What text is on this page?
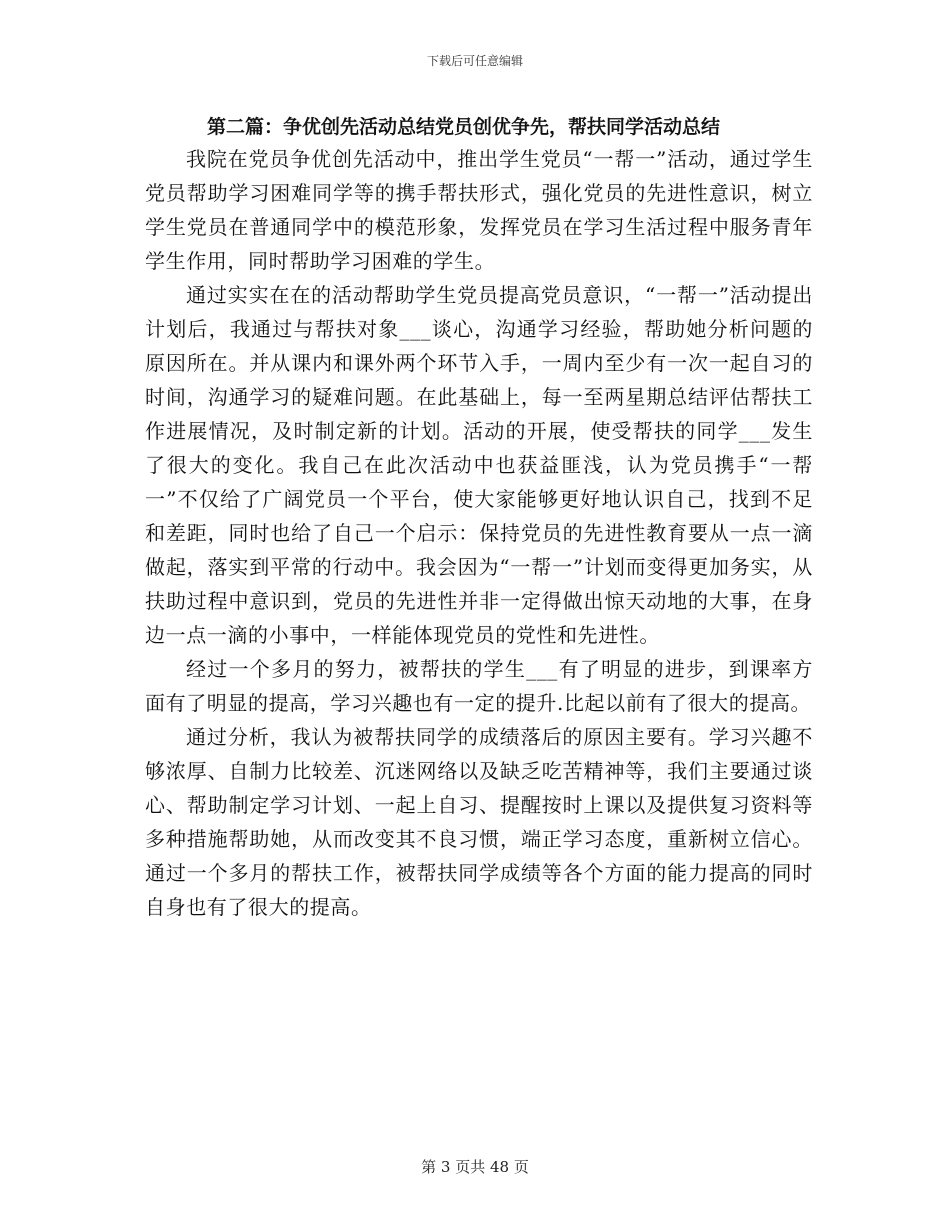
下载后可任意编辑
第二篇：争优创先活动总结党员创优争先，帮扶同学活动总结

我院在党员争优创先活动中，推出学生党员“一帮一”活动，通过学生党员帮助学习困难同学等的携手帮扶形式，强化党员的先进性意识，树立学生党员在普通同学中的模范形象，发挥党员在学习生活过程中服务青年学生作用，同时帮助学习困难的学生。

通过实实在在的活动帮助学生党员提高党员意识，“一帮一”活动提出计划后，我通过与帮扶对象___谈心，沟通学习经验，帮助她分析问题的原因所在。并从课内和课外两个环节入手，一周内至少有一次一起自习的时间，沟通学习的疑难问题。在此基础上，每一至两星期总结评估帮扶工作进展情况，及时制定新的计划。活动的开展，使受帮扶的同学___发生了很大的变化。我自己在此次活动中也获益匪浅，认为党员携手“一帮一”不仅给了广阔党员一个平台，使大家能够更好地认识自己，找到不足和差距，同时也给了自己一个启示：保持党员的先进性教育要从一点一滴做起，落实到平常的行动中。我会因为“一帮一”计划而变得更加务实，从扶助过程中意识到，党员的先进性并非一定得做出惊天动地的大事，在身边一点一滴的小事中，一样能体现党员的党性和先进性。

经过一个多月的努力，被帮扶的学生___有了明显的进步，到课率方面有了明显的提高，学习兴趣也有一定的提升.比起以前有了很大的提高。

通过分析，我认为被帮扶同学的成绩落后的原因主要有。学习兴趣不够浓厚、自制力比较差、沉迷网络以及缺乏吃苦精神等，我们主要通过谈心、帮助制定学习计划、一起上自习、提醒按时上课以及提供复习资料等多种措施帮助她，从而改变其不良习惯，端正学习态度，重新树立信心。通过一个多月的帮扶工作，被帮扶同学成绩等各个方面的能力提高的同时自身也有了很大的提高。

第 3 页共 48 页
